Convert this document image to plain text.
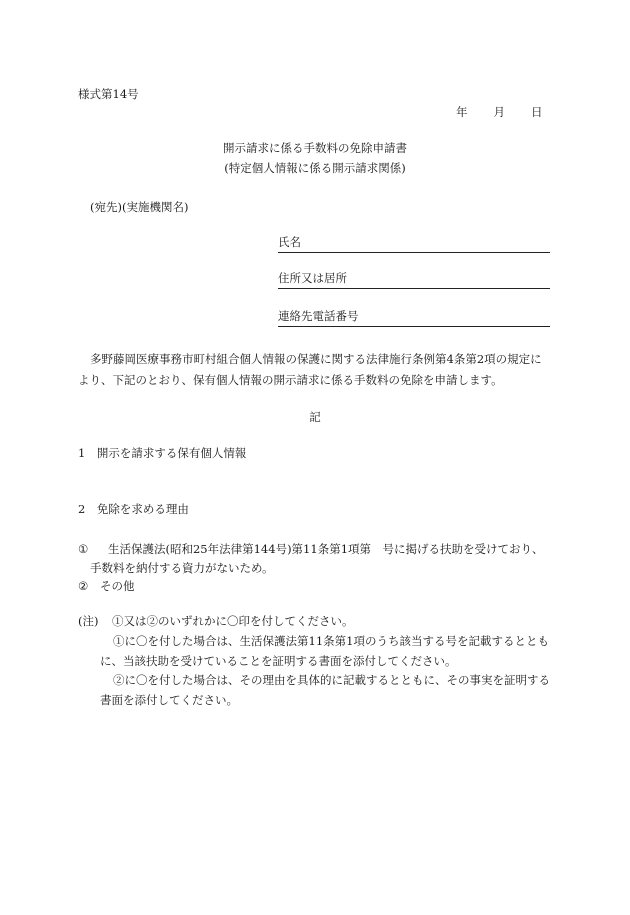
様式第14号
年 月 日
開示請求に係る手数料の免除申請書
(特定個人情報に係る開示請求関係)
(宛先)(実施機関名)
氏名
住所又は居所
連絡先電話番号
多野藤岡医療事務市町村組合個人情報の保護に関する法律施行条例第4条第2項の規定により、下記のとおり、保有個人情報の開示請求に係る手数料の免除を申請します。
記
1　開示を請求する保有個人情報
2　免除を求める理由
① 生活保護法(昭和25年法律第144号)第11条第1項第　号に掲げる扶助を受けており、手数料を納付する資力がないため。
② その他
(注) ①又は②のいずれかに〇印を付してください。
①に〇を付した場合は、生活保護法第11条第1項のうち該当する号を記載するとともに、当該扶助を受けていることを証明する書面を添付してください。
②に〇を付した場合は、その理由を具体的に記載するとともに、その事実を証明する書面を添付してください。
